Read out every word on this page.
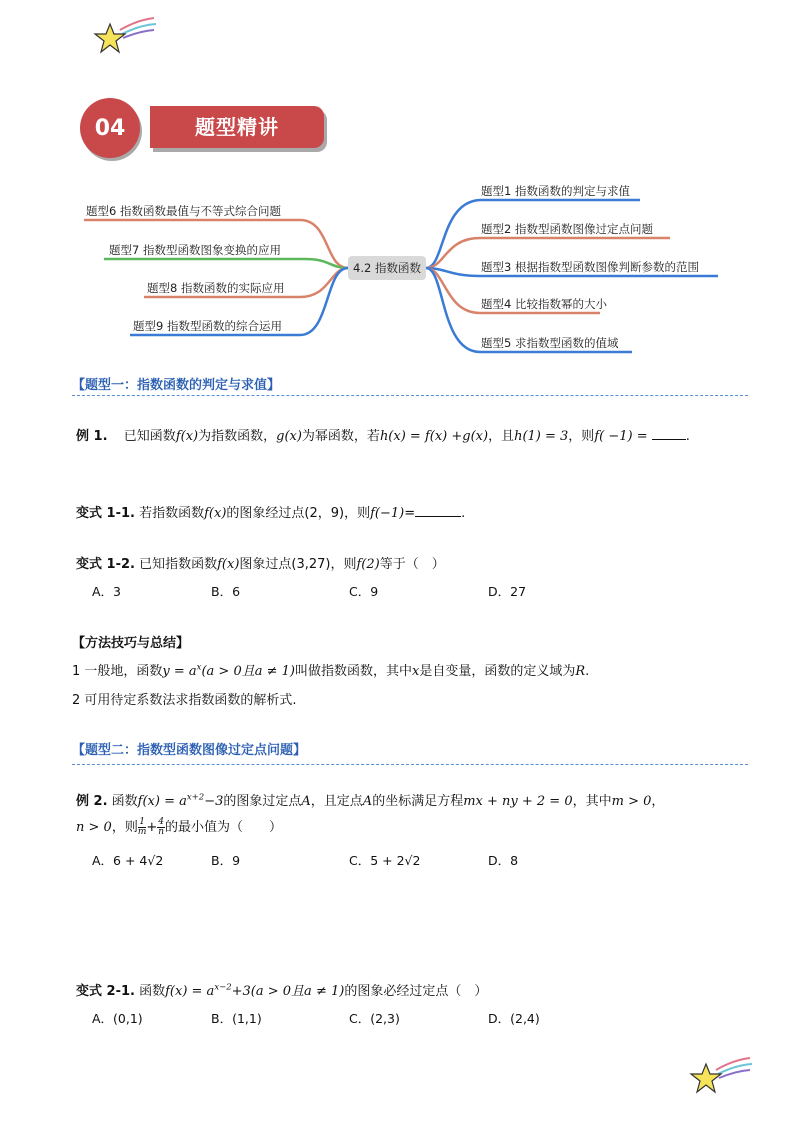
04	题型精讲
4.2 指数函数
题型1 指数函数的判定与求值
题型2 指数型函数图像过定点问题
题型3 根据指数型函数图像判断参数的范围
题型4 比较指数幂的大小
题型5 求指数型函数的值域
题型6 指数函数最值与不等式综合问题
题型7 指数型函数图象变换的应用
题型8 指数函数的实际应用
题型9 指数型函数的综合运用
【题型一：指数函数的判定与求值】
例 1. 已知函数f(x)为指数函数，g(x)为幂函数，若h(x) = f(x) +g(x)，且h(1) = 3，则f( −1) =	.
变式 1-1. 若指数函数f(x)的图象经过点(2，9)，则f(−1)=	.
变式 1-2. 已知指数函数f(x)图象过点(3,27)，则f(2)等于（　）
A．3	B．6	C．9	D．27
【方法技巧与总结】
1 一般地，函数$y = a^x(a > 0$且a ≠ 1)叫做指数函数，其中x是自变量，函数的定义域为R.
2 可用待定系数法求指数函数的解析式.
【题型二：指数型函数图像过定点问题】
例 2. 函数$f(x) = a^{x+2}-3$的图象过定点A，且定点A的坐标满足方程mx + ny + 2 = 0，其中m > 0，
n > 0，则 $\frac{1}{m} + \frac{4}{n}$ 的最小值为（　　）
A．6 + 4√2	B．9	C．5 + 2√2	D．8
变式 2-1. 函数$f(x) = a^{x-2}+3(a > 0$且a ≠ 1)的图象必经过定点（　）
A．(0,1)	B．(1,1)	C．(2,3)	D．(2,4)
